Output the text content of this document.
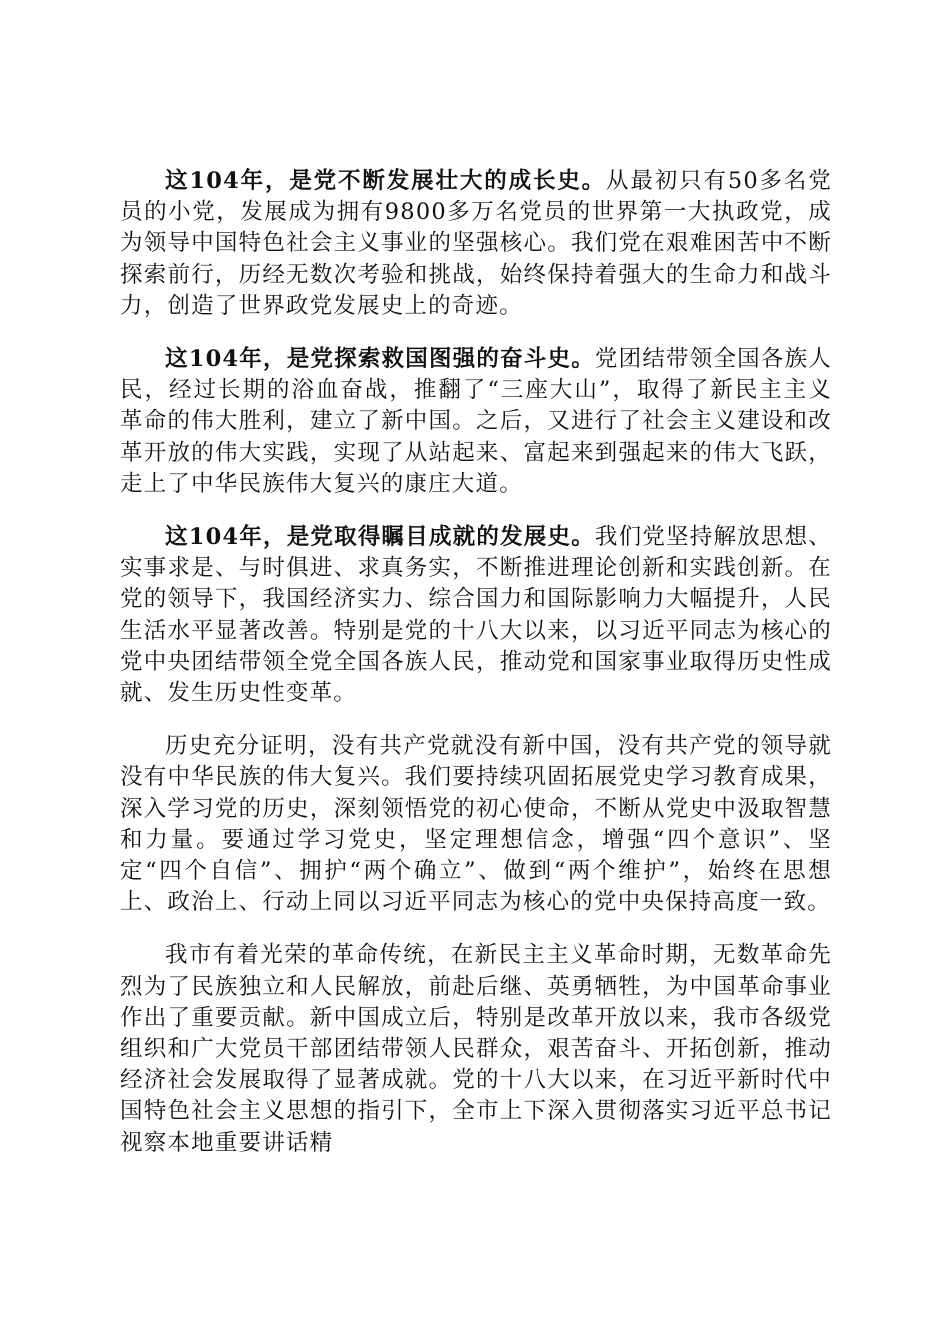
这104年，是党不断发展壮大的成长史。从最初只有50多名党员的小党，发展成为拥有9800多万名党员的世界第一大执政党，成为领导中国特色社会主义事业的坚强核心。我们党在艰难困苦中不断探索前行，历经无数次考验和挑战，始终保持着强大的生命力和战斗力，创造了世界政党发展史上的奇迹。

这104年，是党探索救国图强的奋斗史。党团结带领全国各族人民，经过长期的浴血奋战，推翻了“三座大山”，取得了新民主主义革命的伟大胜利，建立了新中国。之后，又进行了社会主义建设和改革开放的伟大实践，实现了从站起来、富起来到强起来的伟大飞跃，走上了中华民族伟大复兴的康庄大道。

这104年，是党取得瞩目成就的发展史。我们党坚持解放思想、实事求是、与时俱进、求真务实，不断推进理论创新和实践创新。在党的领导下，我国经济实力、综合国力和国际影响力大幅提升，人民生活水平显著改善。特别是党的十八大以来，以习近平同志为核心的党中央团结带领全党全国各族人民，推动党和国家事业取得历史性成就、发生历史性变革。

历史充分证明，没有共产党就没有新中国，没有共产党的领导就没有中华民族的伟大复兴。我们要持续巩固拓展党史学习教育成果，深入学习党的历史，深刻领悟党的初心使命，不断从党史中汲取智慧和力量。要通过学习党史，坚定理想信念，增强“四个意识”、坚定“四个自信”、拥护“两个确立”、做到“两个维护”，始终在思想上、政治上、行动上同以习近平同志为核心的党中央保持高度一致。

我市有着光荣的革命传统，在新民主主义革命时期，无数革命先烈为了民族独立和人民解放，前赴后继、英勇牺牲，为中国革命事业作出了重要贡献。新中国成立后，特别是改革开放以来，我市各级党组织和广大党员干部团结带领人民群众，艰苦奋斗、开拓创新，推动经济社会发展取得了显著成就。党的十八大以来，在习近平新时代中国特色社会主义思想的指引下，全市上下深入贯彻落实习近平总书记视察本地重要讲话精
